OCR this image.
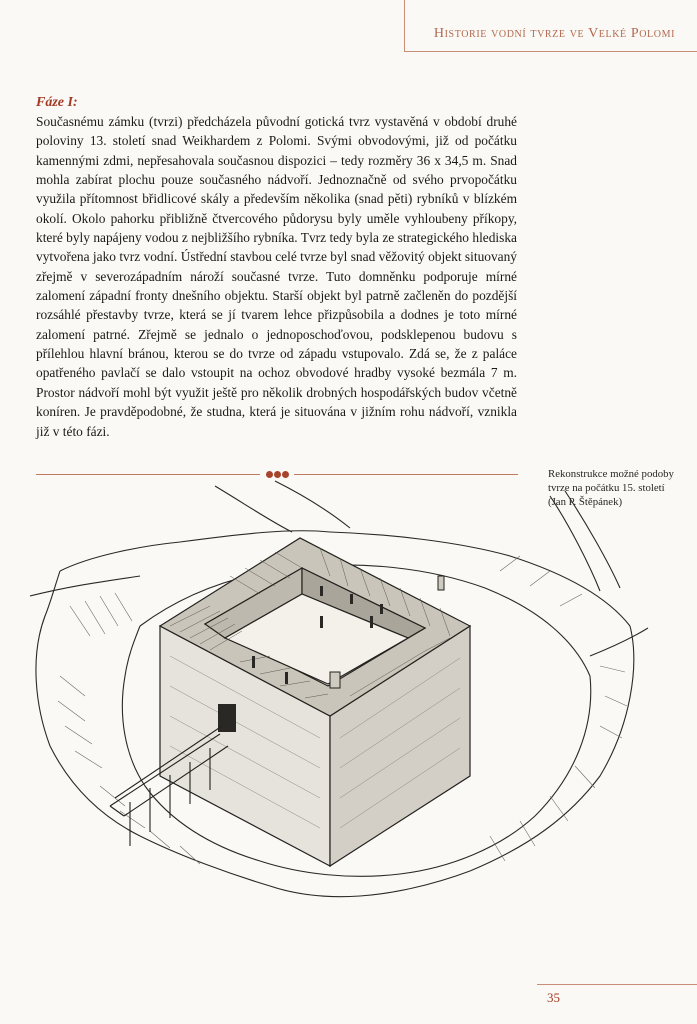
Historie vodní tvrze ve Velké Polomi
Fáze I:

Současnému zámku (tvrzi) předcházela původní gotická tvrz vystavěná v období druhé poloviny 13. století snad Weikhardem z Polomi. Svými obvodovými, již od počátku kamennými zdmi, nepřesahovala současnou dispozici – tedy rozměry 36 x 34,5 m. Snad mohla zabírat plochu pouze současného nádvoří. Jednoznačně od svého prvopočátku využila přítomnost břidlicové skály a především několika (snad pěti) rybníků v blízkém okolí. Okolo pahorku přibližně čtvercového půdorysu byly uměle vyhloubeny příkopy, které byly napájeny vodou z nejbližšího rybníka. Tvrz tedy byla ze strategického hlediska vytvořena jako tvrz vodní. Ústřední stavbou celé tvrze byl snad věžovitý objekt situovaný zřejmě v severozápadním nároží současné tvrze. Tuto domněnku podporuje mírné zalomení západní fronty dnešního objektu. Starší objekt byl patrně začleněn do pozdější rozsáhlé přestavby tvrze, která se jí tvarem lehce přizpůsobila a dodnes je toto mírné zalomení patrné. Zřejmě se jednalo o jednoposchoďovou, podsklepenou budovu s přílehlou hlavní bránou, kterou se do tvrze od západu vstupovalo. Zdá se, že z paláce opatřeného pavlačí se dalo vstoupit na ochoz obvodové hradby vysoké bezmála 7 m. Prostor nádvoří mohl být využit ještě pro několik drobných hospodářských budov včetně koníren. Je pravděpodobné, že studna, která je situována v jižním rohu nádvoří, vznikla již v této fázi.

Rekonstrukce možné podoby tvrze na počátku 15. století (Jan P. Štěpánek)
35
